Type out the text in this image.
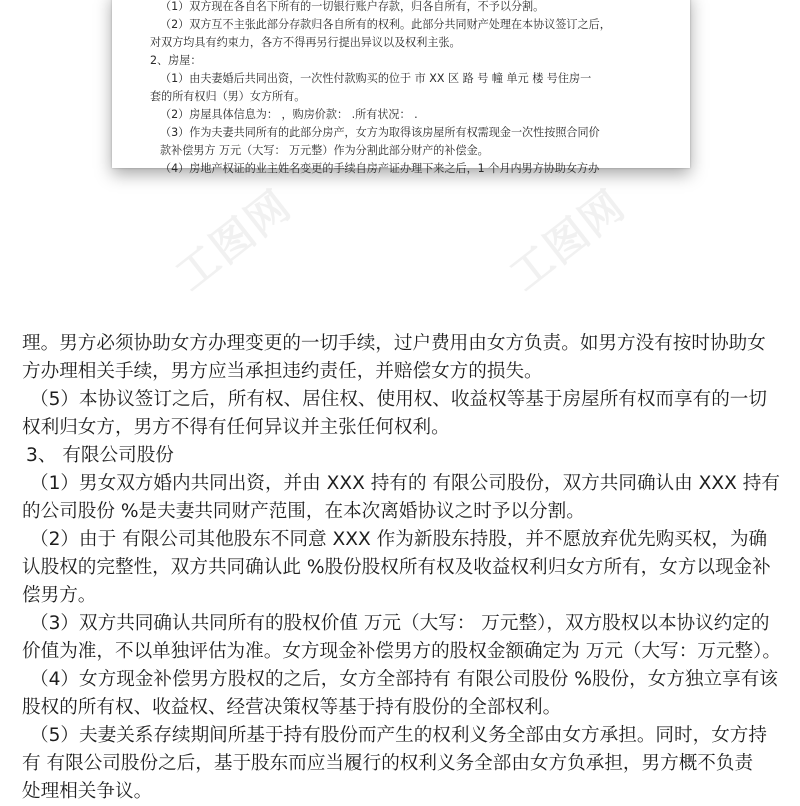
（1）双方现在各自名下所有的一切银行账户存款，归各自所有，不予以分割。
（2）双方互不主张此部分存款归各自所有的权利。此部分共同财产处理在本协议签订之后，
对双方均具有约束力，各方不得再另行提出异议以及权利主张。
2、房屋：
（1）由夫妻婚后共同出资，一次性付款购买的位于 市 XX 区 路 号 幢 单元 楼 号住房一
套的所有权归（男）女方所有。
（2）房屋具体信息为： ，购房价款： .所有状况： .
（3）作为夫妻共同所有的此部分房产，女方为取得该房屋所有权需现金一次性按照合同价
款补偿男方 万元（大写： 万元整）作为分割此部分财产的补偿金。
（4）房地产权证的业主姓名变更的手续自房产证办理下来之后，1 个月内男方协助女方办
工图网	工图网
理。男方必须协助女方办理变更的一切手续，过户费用由女方负责。如男方没有按时协助女
方办理相关手续，男方应当承担违约责任，并赔偿女方的损失。
（5）本协议签订之后，所有权、居住权、使用权、收益权等基于房屋所有权而享有的一切
权利归女方，男方不得有任何异议并主张任何权利。
3、 有限公司股份
（1）男女双方婚内共同出资，并由 XXX 持有的 有限公司股份，双方共同确认由 XXX 持有
的公司股份 %是夫妻共同财产范围，在本次离婚协议之时予以分割。
（2）由于 有限公司其他股东不同意 XXX 作为新股东持股，并不愿放弃优先购买权，为确
认股权的完整性，双方共同确认此 %股份股权所有权及收益权利归女方所有，女方以现金补
偿男方。
（3）双方共同确认共同所有的股权价值 万元（大写： 万元整），双方股权以本协议约定的
价值为准，不以单独评估为准。女方现金补偿男方的股权金额确定为 万元（大写：万元整）。
（4）女方现金补偿男方股权的之后，女方全部持有 有限公司股份 %股份，女方独立享有该
股权的所有权、收益权、经营决策权等基于持有股份的全部权利。
（5）夫妻关系存续期间所基于持有股份而产生的权利义务全部由女方承担。同时，女方持
有 有限公司股份之后，基于股东而应当履行的权利义务全部由女方负承担，男方概不负责
处理相关争议。
